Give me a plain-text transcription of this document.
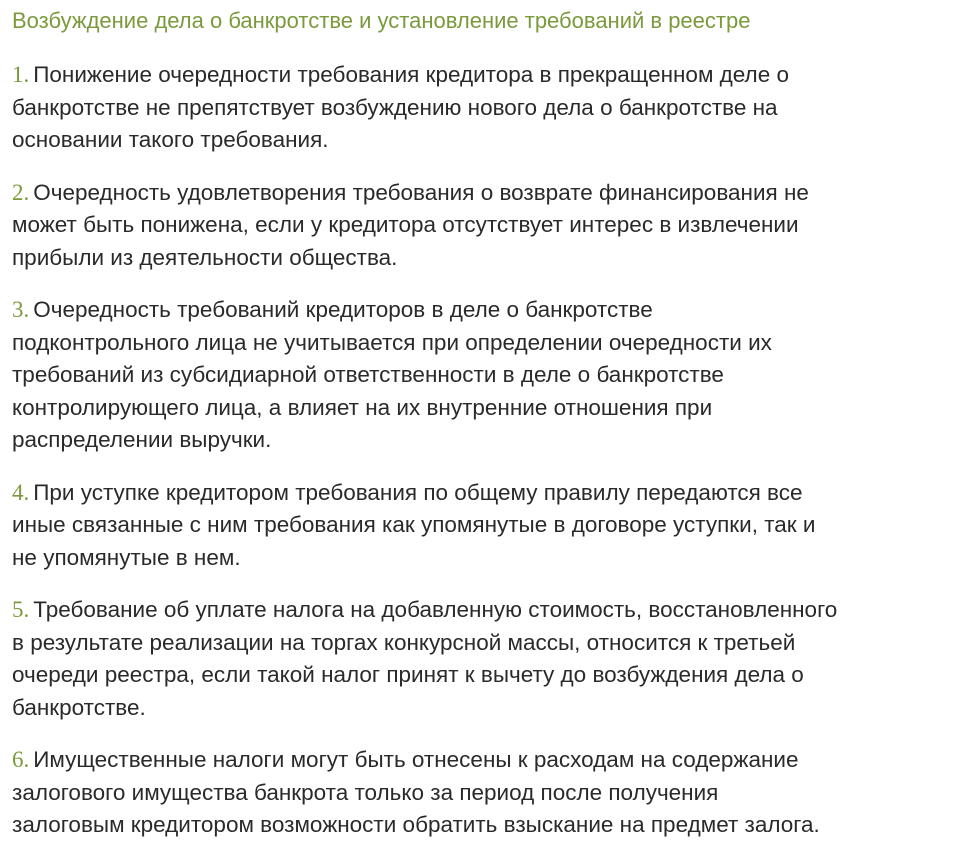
Возбуждение дела о банкротстве и установление требований в реестре
1. Понижение очередности требования кредитора в прекращенном деле о
банкротстве не препятствует возбуждению нового дела о банкротстве на
основании такого требования.
2. Очередность удовлетворения требования о возврате финансирования не
может быть понижена, если у кредитора отсутствует интерес в извлечении
прибыли из деятельности общества.
3. Очередность требований кредиторов в деле о банкротстве
подконтрольного лица не учитывается при определении очередности их
требований из субсидиарной ответственности в деле о банкротстве
контролирующего лица, а влияет на их внутренние отношения при
распределении выручки.
4. При уступке кредитором требования по общему правилу передаются все
иные связанные с ним требования как упомянутые в договоре уступки, так и
не упомянутые в нем.
5. Требование об уплате налога на добавленную стоимость, восстановленного
в результате реализации на торгах конкурсной массы, относится к третьей
очереди реестра, если такой налог принят к вычету до возбуждения дела о
банкротстве.
6. Имущественные налоги могут быть отнесены к расходам на содержание
залогового имущества банкрота только за период после получения
залоговым кредитором возможности обратить взыскание на предмет залога.
